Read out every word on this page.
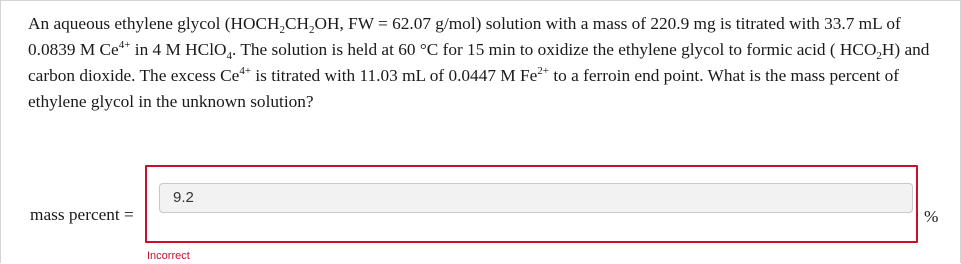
An aqueous ethylene glycol ($HOCH_2CH_2OH$, FW = 62.07 g/mol) solution with a mass of 220.9 mg is titrated with 33.7 mL of 0.0839 M $Ce^{4+}$ in 4 M HClO$_4$. The solution is held at 60 °C for 15 min to oxidize the ethylene glycol to formic acid ( $HCO_2H$) and carbon dioxide. The excess $Ce^{4+}$ is titrated with 11.03 mL of 0.0447 M $Fe^{2+}$ to a ferroin end point. What is the mass percent of ethylene glycol in the unknown solution?

mass percent =
9.2	%
Incorrect
